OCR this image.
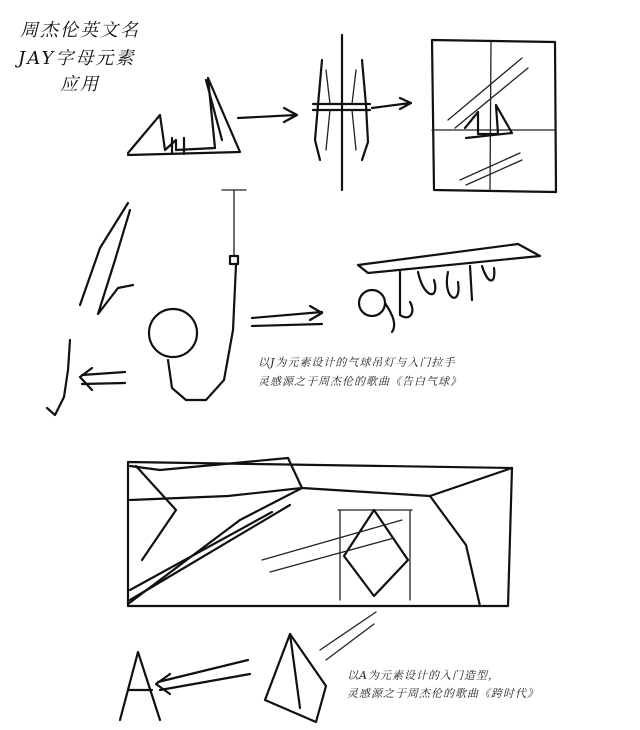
周杰伦英文名
JAY字母元素
应用
以J为元素设计的气球吊灯与入门拉手
灵感源之于周杰伦的歌曲《告白气球》
以A为元素设计的入门造型，
灵感源之于周杰伦的歌曲《跨时代》
